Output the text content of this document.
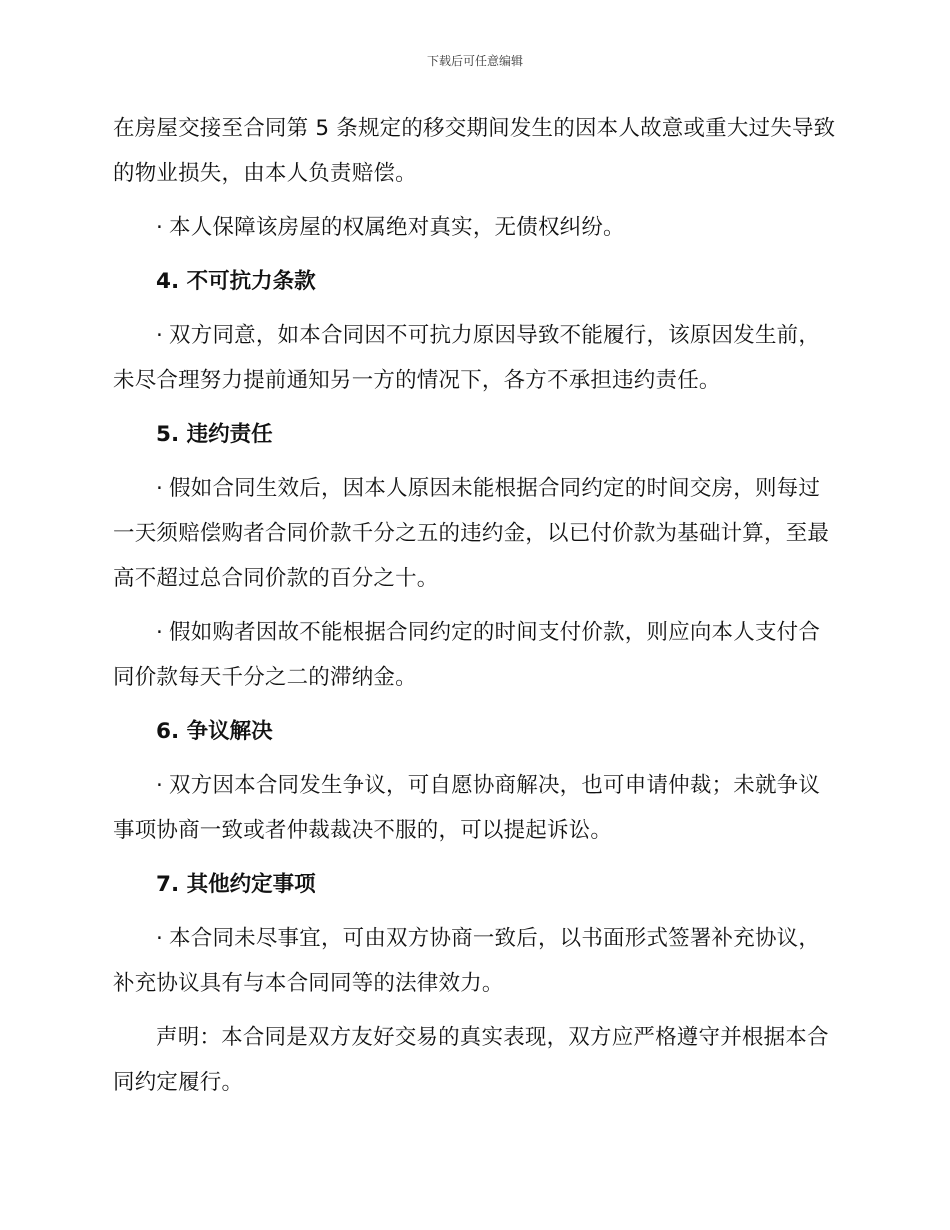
下载后可任意编辑

在房屋交接至合同第 5 条规定的移交期间发生的因本人故意或重大过失导致的物业损失，由本人负责赔偿。

· 本人保障该房屋的权属绝对真实，无债权纠纷。

4. 不可抗力条款

· 双方同意，如本合同因不可抗力原因导致不能履行，该原因发生前，未尽合理努力提前通知另一方的情况下，各方不承担违约责任。

5. 违约责任

· 假如合同生效后，因本人原因未能根据合同约定的时间交房，则每过一天须赔偿购者合同价款千分之五的违约金，以已付价款为基础计算，至最高不超过总合同价款的百分之十。

· 假如购者因故不能根据合同约定的时间支付价款，则应向本人支付合同价款每天千分之二的滞纳金。

6. 争议解决

· 双方因本合同发生争议，可自愿协商解决，也可申请仲裁；未就争议事项协商一致或者仲裁裁决不服的，可以提起诉讼。

7. 其他约定事项

· 本合同未尽事宜，可由双方协商一致后，以书面形式签署补充协议，补充协议具有与本合同同等的法律效力。

声明：本合同是双方友好交易的真实表现，双方应严格遵守并根据本合同约定履行。
